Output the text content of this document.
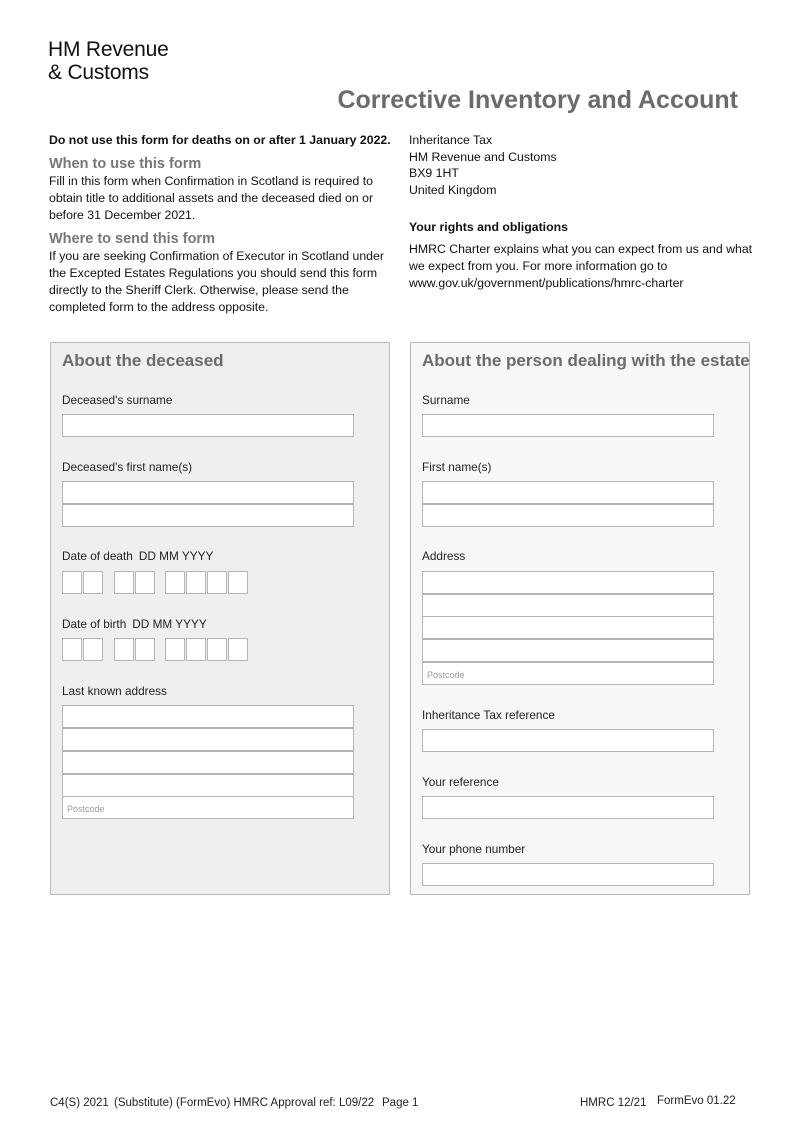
HM Revenue
& Customs
Corrective Inventory and Account
Do not use this form for deaths on or after 1 January 2022.
When to use this form

Fill in this form when Confirmation in Scotland is required to obtain title to additional assets and the deceased died on or before 31 December 2021.

Where to send this form

If you are seeking Confirmation of Executor in Scotland under the Excepted Estates Regulations you should send this form directly to the Sheriff Clerk. Otherwise, please send the completed form to the address opposite.

Inheritance Tax
HM Revenue and Customs
BX9 1HT
United Kingdom
Your rights and obligations
HMRC Charter explains what you can expect from us and what we expect from you. For more information go to www.gov.uk/government/publications/hmrc-charter
About the deceased
Deceased's surname
Deceased's first name(s)
Date of death DD MM YYYY
Date of birth DD MM YYYY
Last known address
Postcode
About the person dealing with the estate
Surname
First name(s)
Address
Postcode
Inheritance Tax reference
Your reference
Your phone number
C4(S) 2021 (Substitute) (FormEvo) HMRC Approval ref: L09/22 Page 1	HMRC 12/21 FormEvo 01.22
